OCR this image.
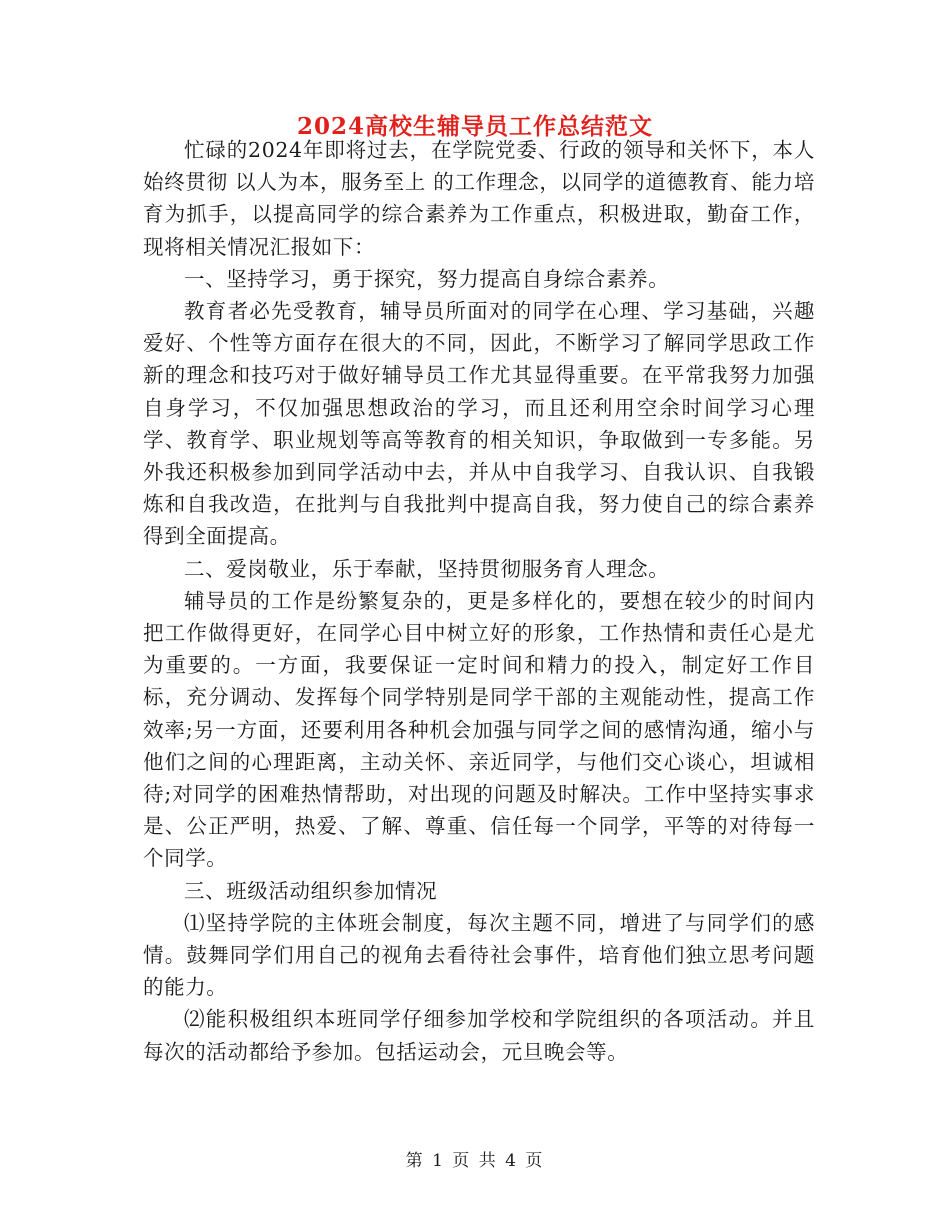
2024高校生辅导员工作总结范文

忙碌的2024年即将过去，在学院党委、行政的领导和关怀下，本人始终贯彻 以人为本，服务至上 的工作理念，以同学的道德教育、能力培育为抓手，以提高同学的综合素养为工作重点，积极进取，勤奋工作，现将相关情况汇报如下：

一、坚持学习，勇于探究，努力提高自身综合素养。

教育者必先受教育，辅导员所面对的同学在心理、学习基础，兴趣爱好、个性等方面存在很大的不同，因此，不断学习了解同学思政工作新的理念和技巧对于做好辅导员工作尤其显得重要。在平常我努力加强自身学习，不仅加强思想政治的学习，而且还利用空余时间学习心理学、教育学、职业规划等高等教育的相关知识，争取做到一专多能。另外我还积极参加到同学活动中去，并从中自我学习、自我认识、自我锻炼和自我改造，在批判与自我批判中提高自我，努力使自己的综合素养得到全面提高。

二、爱岗敬业，乐于奉献，坚持贯彻服务育人理念。

辅导员的工作是纷繁复杂的，更是多样化的，要想在较少的时间内把工作做得更好，在同学心目中树立好的形象，工作热情和责任心是尤为重要的。一方面，我要保证一定时间和精力的投入，制定好工作目标，充分调动、发挥每个同学特别是同学干部的主观能动性，提高工作效率;另一方面，还要利用各种机会加强与同学之间的感情沟通，缩小与他们之间的心理距离，主动关怀、亲近同学，与他们交心谈心，坦诚相待;对同学的困难热情帮助，对出现的问题及时解决。工作中坚持实事求是、公正严明，热爱、了解、尊重、信任每一个同学，平等的对待每一个同学。

三、班级活动组织参加情况

⑴坚持学院的主体班会制度，每次主题不同，增进了与同学们的感情。鼓舞同学们用自己的视角去看待社会事件，培育他们独立思考问题的能力。

⑵能积极组织本班同学仔细参加学校和学院组织的各项活动。并且每次的活动都给予参加。包括运动会，元旦晚会等。

第 1 页 共 4 页
